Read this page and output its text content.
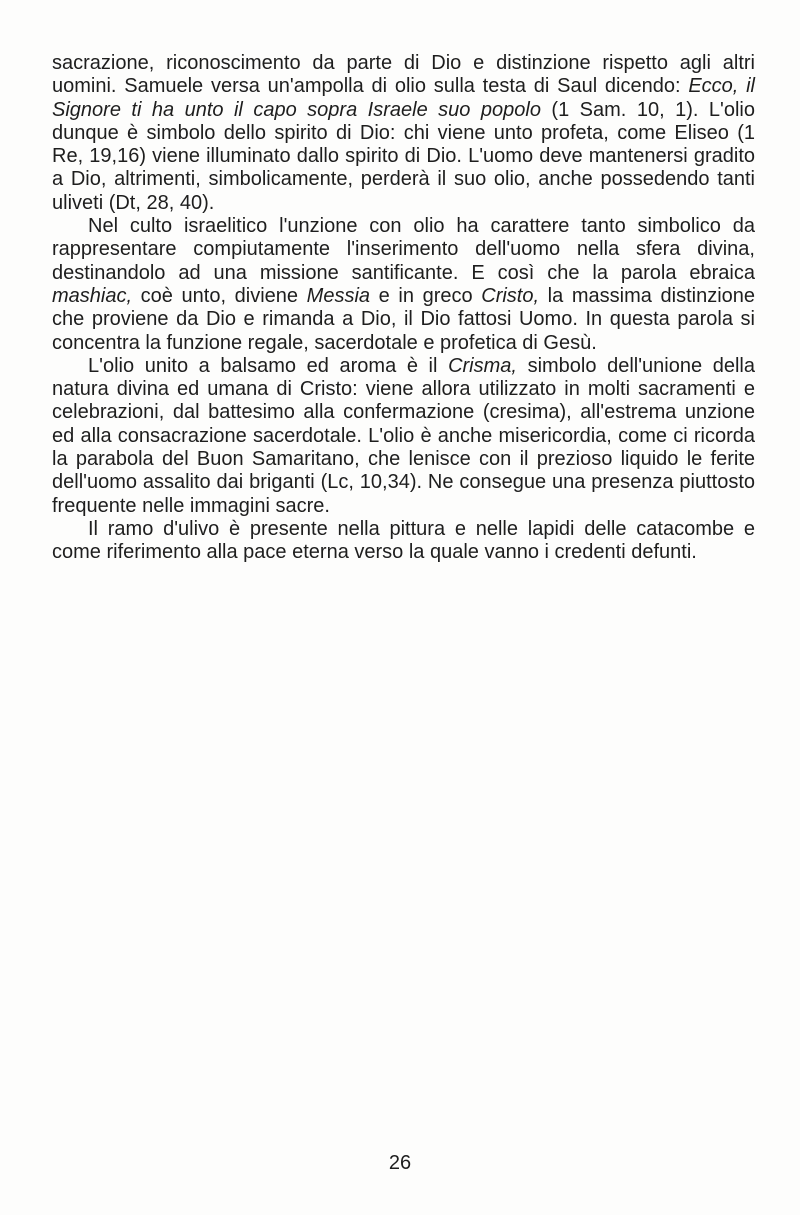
sacrazione, riconoscimento da parte di Dio e distinzione rispetto agli altri uomini. Samuele versa un'ampolla di olio sulla testa di Saul dicendo: Ecco, il Signore ti ha unto il capo sopra Israele suo popolo (1 Sam. 10, 1). L'olio dunque è simbolo dello spirito di Dio: chi viene unto profeta, come Eliseo (1 Re, 19,16) viene illuminato dallo spirito di Dio. L'uomo deve mantenersi gradito a Dio, altrimenti, simbolicamente, perderà il suo olio, anche possedendo tanti uliveti (Dt, 28, 40).

Nel culto israelitico l'unzione con olio ha carattere tanto simbolico da rappresentare compiutamente l'inserimento dell'uomo nella sfera divina, destinandolo ad una missione santificante. E così che la parola ebraica mashiac, coè unto, diviene Messia e in greco Cristo, la massima distinzione che proviene da Dio e rimanda a Dio, il Dio fattosi Uomo. In questa parola si concentra la funzione regale, sacerdotale e profetica di Gesù.

L'olio unito a balsamo ed aroma è il Crisma, simbolo dell'unione della natura divina ed umana di Cristo: viene allora utilizzato in molti sacramenti e celebrazioni, dal battesimo alla confermazione (cresima), all'estrema unzione ed alla consacrazione sacerdotale. L'olio è anche misericordia, come ci ricorda la parabola del Buon Samaritano, che lenisce con il prezioso liquido le ferite dell'uomo assalito dai briganti (Lc, 10,34). Ne consegue una presenza piuttosto frequente nelle immagini sacre.

Il ramo d'ulivo è presente nella pittura e nelle lapidi delle catacombe e come riferimento alla pace eterna verso la quale vanno i credenti defunti.

26
